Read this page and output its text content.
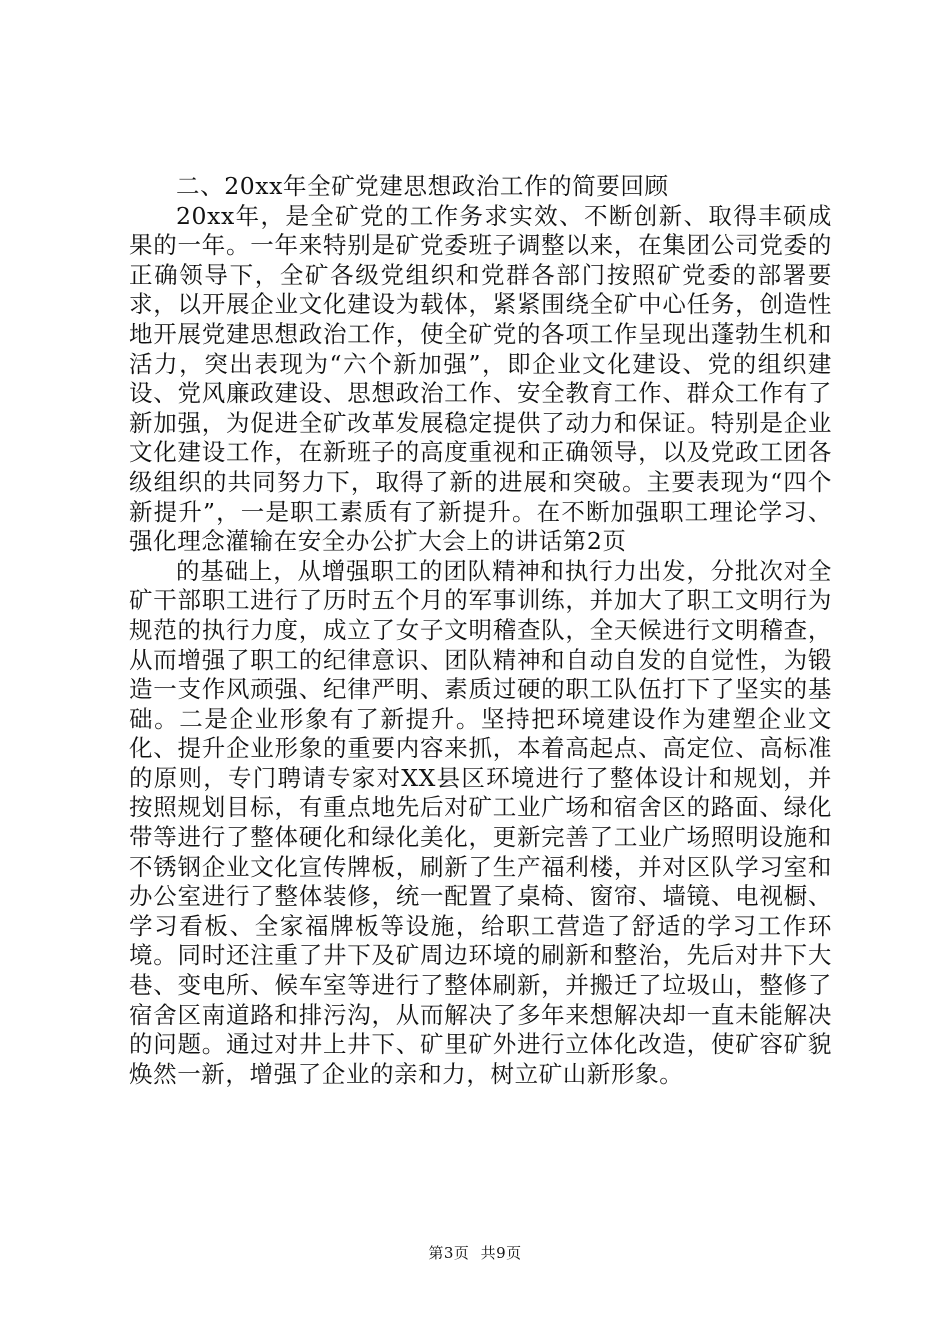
二、20xx年全矿党建思想政治工作的简要回顾

20xx年，是全矿党的工作务求实效、不断创新、取得丰硕成果的一年。一年来特别是矿党委班子调整以来，在集团公司党委的正确领导下，全矿各级党组织和党群各部门按照矿党委的部署要求，以开展企业文化建设为载体，紧紧围绕全矿中心任务，创造性地开展党建思想政治工作，使全矿党的各项工作呈现出蓬勃生机和活力，突出表现为“六个新加强”，即企业文化建设、党的组织建设、党风廉政建设、思想政治工作、安全教育工作、群众工作有了新加强，为促进全矿改革发展稳定提供了动力和保证。特别是企业文化建设工作，在新班子的高度重视和正确领导，以及党政工团各级组织的共同努力下，取得了新的进展和突破。主要表现为“四个新提升”，一是职工素质有了新提升。在不断加强职工理论学习、强化理念灌输在安全办公扩大会上的讲话第2页

的基础上，从增强职工的团队精神和执行力出发，分批次对全矿干部职工进行了历时五个月的军事训练，并加大了职工文明行为规范的执行力度，成立了女子文明稽查队，全天候进行文明稽查，从而增强了职工的纪律意识、团队精神和自动自发的自觉性，为锻造一支作风顽强、纪律严明、素质过硬的职工队伍打下了坚实的基础。二是企业形象有了新提升。坚持把环境建设作为建塑企业文化、提升企业形象的重要内容来抓，本着高起点、高定位、高标准的原则，专门聘请专家对XX县区环境进行了整体设计和规划，并按照规划目标，有重点地先后对矿工业广场和宿舍区的路面、绿化带等进行了整体硬化和绿化美化，更新完善了工业广场照明设施和不锈钢企业文化宣传牌板，刷新了生产福利楼，并对区队学习室和办公室进行了整体装修，统一配置了桌椅、窗帘、墙镜、电视橱、学习看板、全家福牌板等设施，给职工营造了舒适的学习工作环境。同时还注重了井下及矿周边环境的刷新和整治，先后对井下大巷、变电所、候车室等进行了整体刷新，并搬迁了垃圾山，整修了宿舍区南道路和排污沟，从而解决了多年来想解决却一直未能解决的问题。通过对井上井下、矿里矿外进行立体化改造，使矿容矿貌焕然一新，增强了企业的亲和力，树立矿山新形象。

第3页 共9页
